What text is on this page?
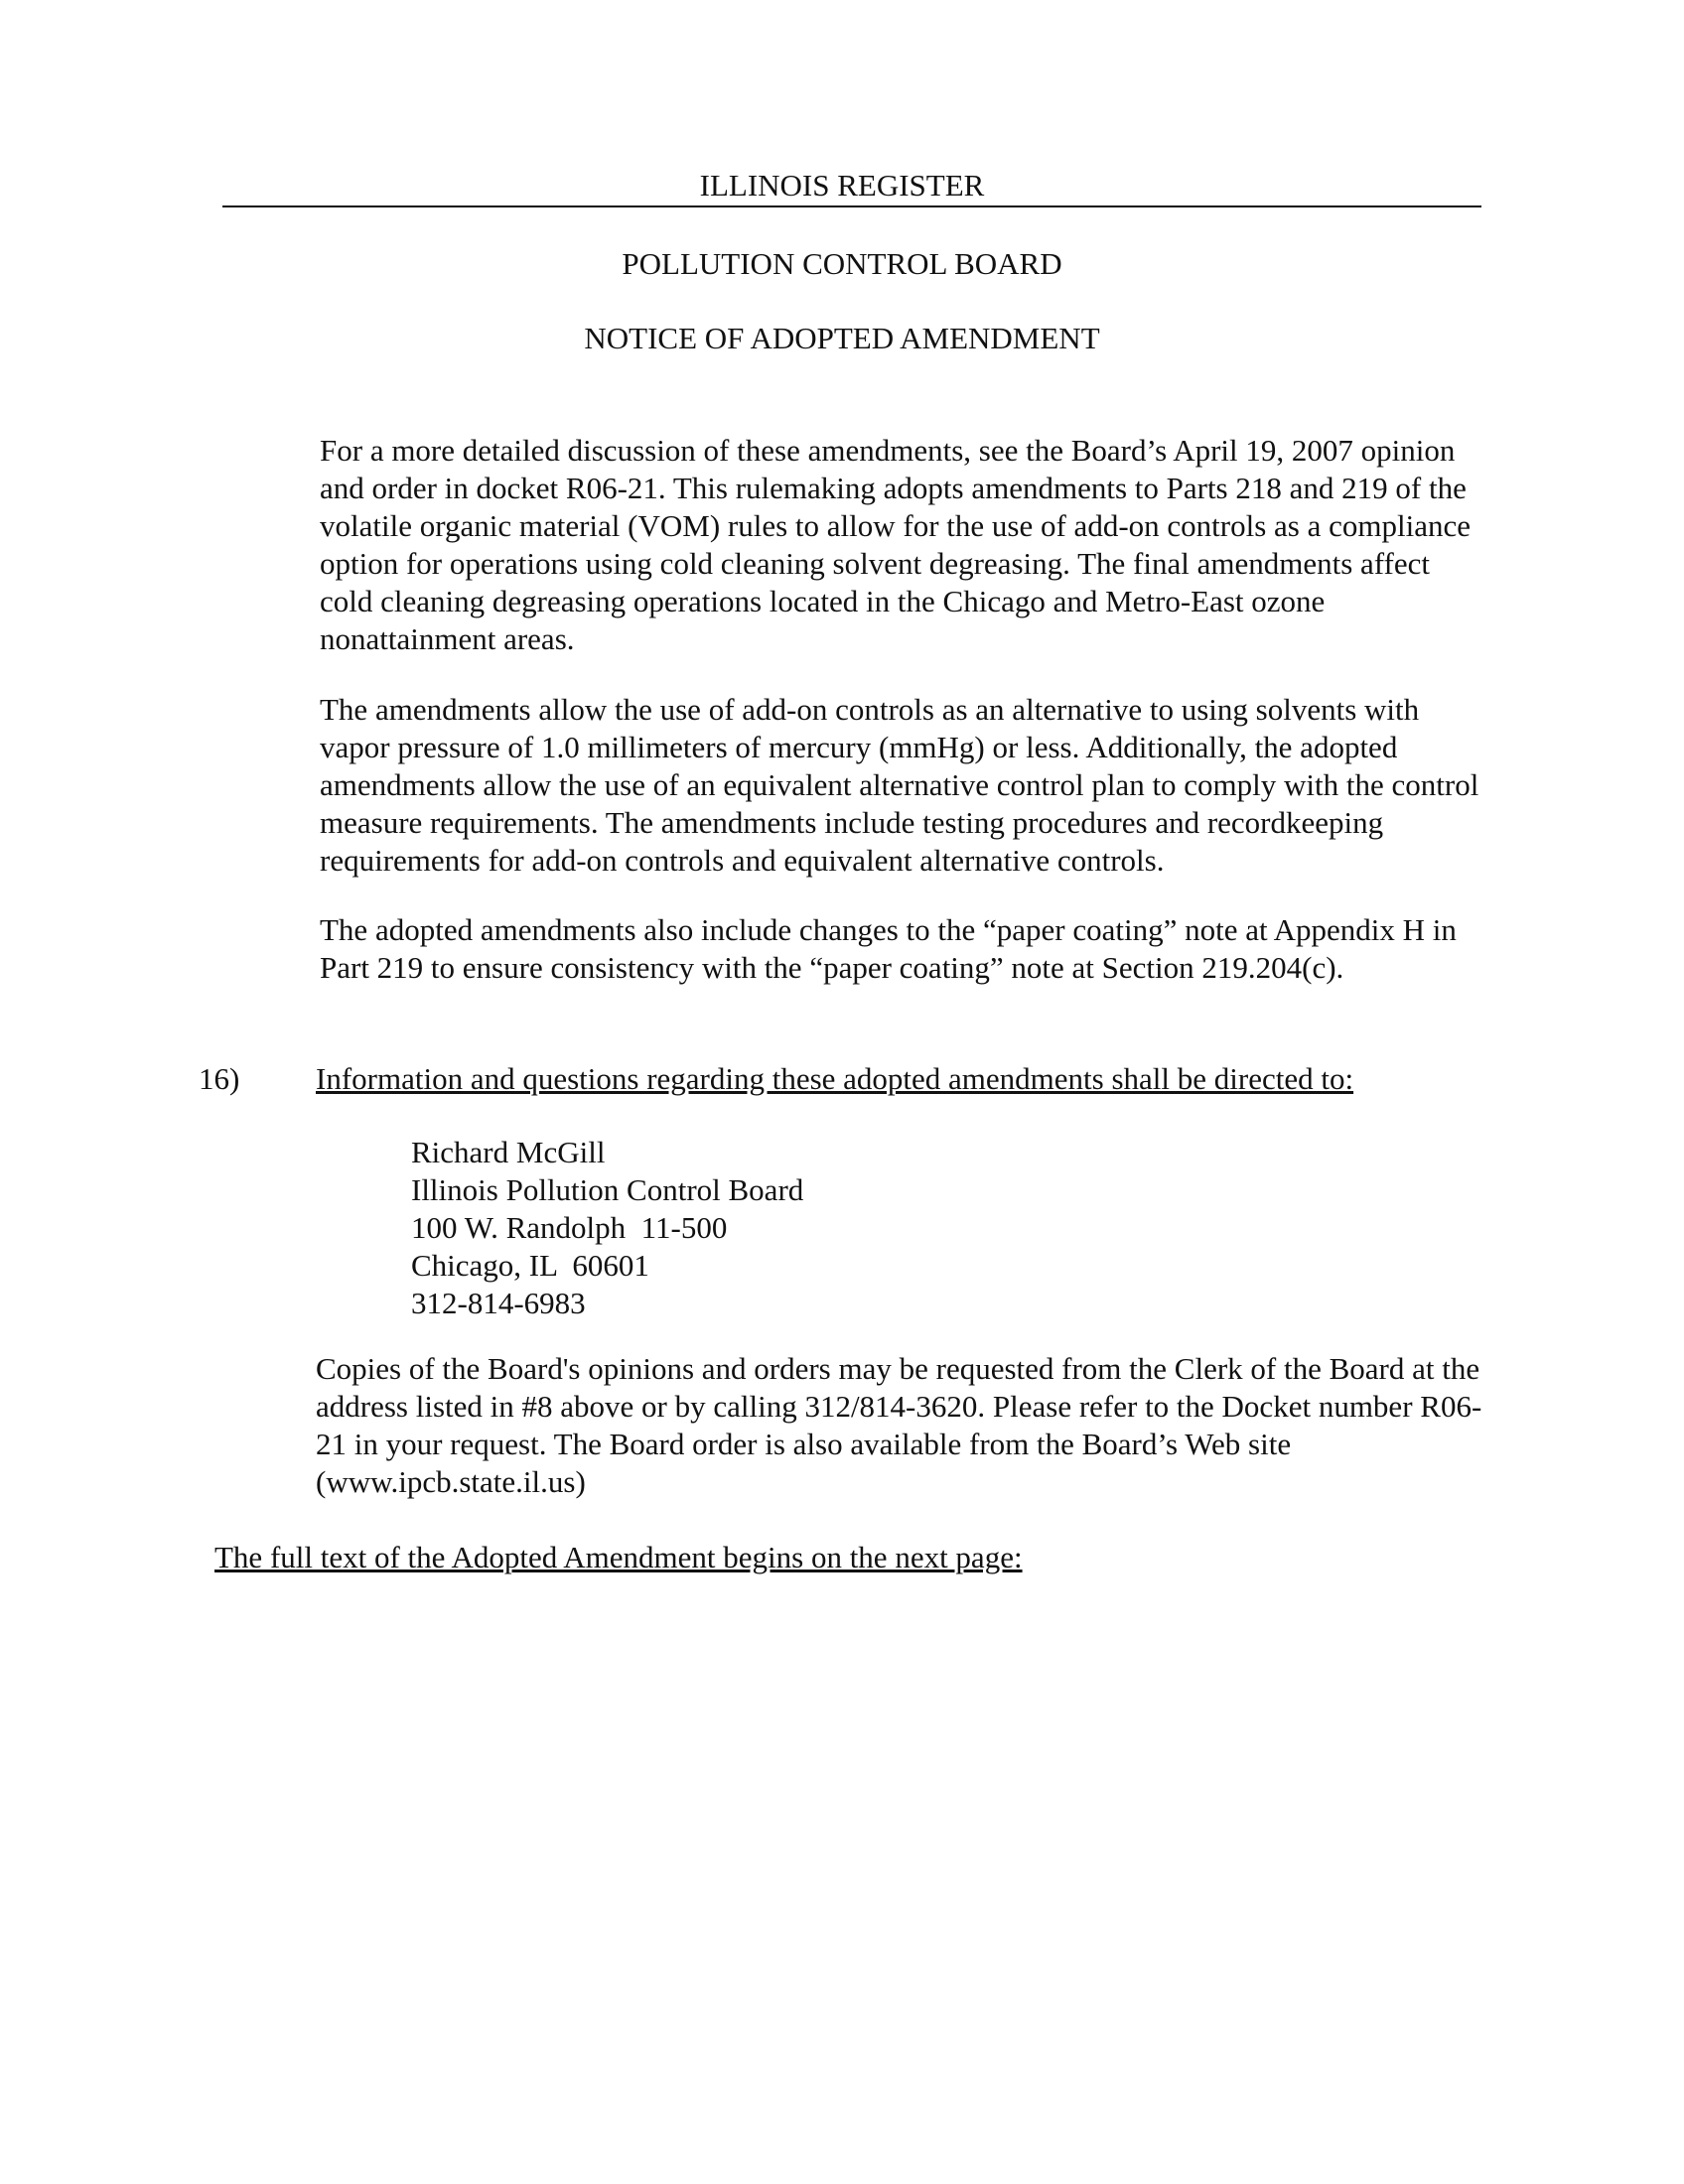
ILLINOIS REGISTER
POLLUTION CONTROL BOARD
NOTICE OF ADOPTED AMENDMENT

For a more detailed discussion of these amendments, see the Board’s April 19, 2007 opinion and order in docket R06-21. This rulemaking adopts amendments to Parts 218 and 219 of the volatile organic material (VOM) rules to allow for the use of add-on controls as a compliance option for operations using cold cleaning solvent degreasing. The final amendments affect cold cleaning degreasing operations located in the Chicago and Metro-East ozone nonattainment areas.

The amendments allow the use of add-on controls as an alternative to using solvents with vapor pressure of 1.0 millimeters of mercury (mmHg) or less. Additionally, the adopted amendments allow the use of an equivalent alternative control plan to comply with the control measure requirements. The amendments include testing procedures and recordkeeping requirements for add-on controls and equivalent alternative controls.

The adopted amendments also include changes to the “paper coating” note at Appendix H in Part 219 to ensure consistency with the “paper coating” note at Section 219.204(c).

16) Information and questions regarding these adopted amendments shall be directed to:
Richard McGill
Illinois Pollution Control Board
100 W. Randolph  11-500
Chicago, IL  60601
312-814-6983

Copies of the Board's opinions and orders may be requested from the Clerk of the Board at the address listed in #8 above or by calling 312/814-3620. Please refer to the Docket number R06-21 in your request. The Board order is also available from the Board’s Web site (www.ipcb.state.il.us)

The full text of the Adopted Amendment begins on the next page:
